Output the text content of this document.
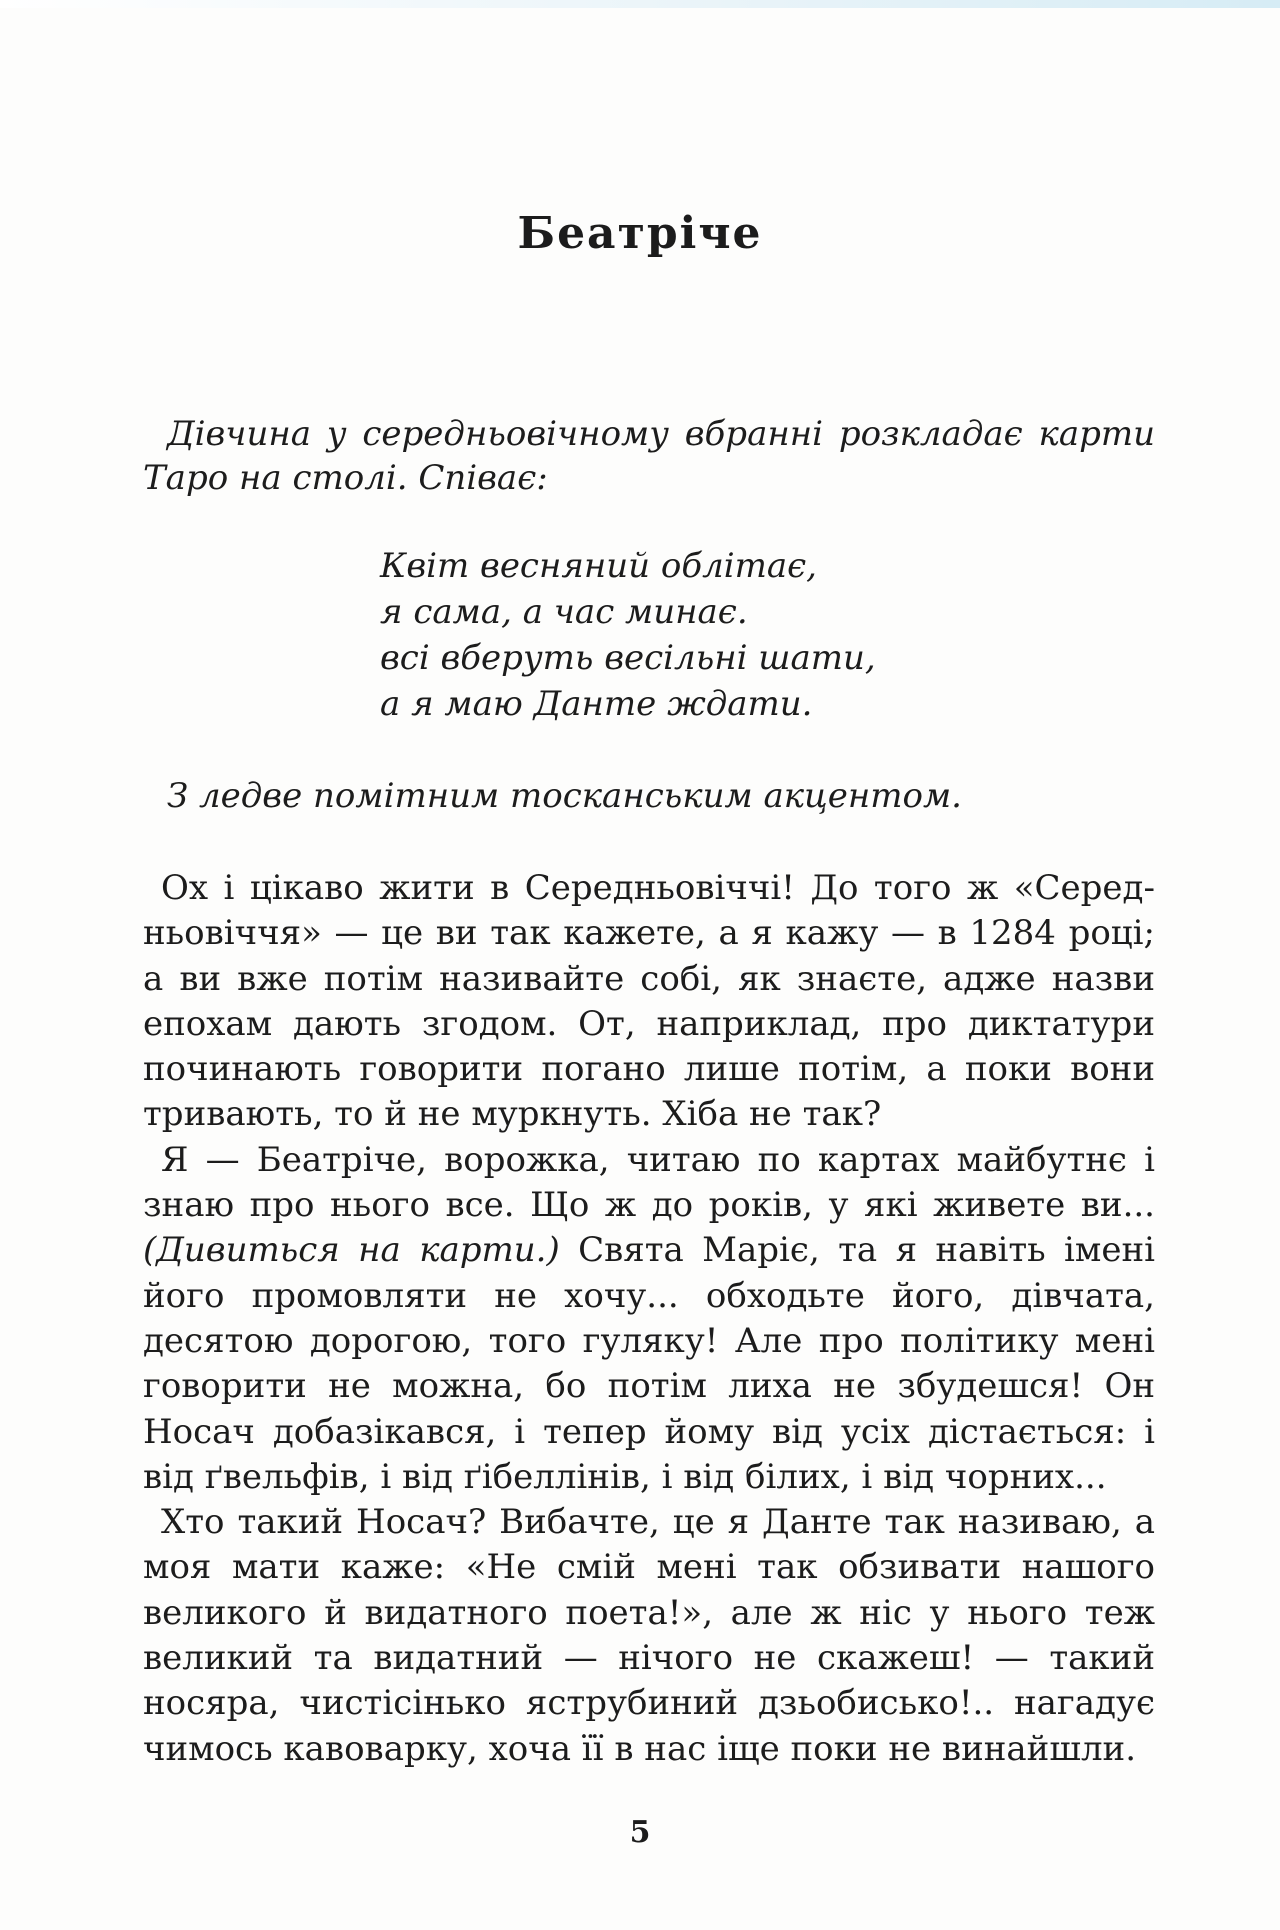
Беатріче
Дівчина у середньовічному вбранні розкладає карти Таро на столі. Співає:
Квіт весняний облітає,
я сама, а час минає.
всі вберуть весільні шати,
а я маю Данте ждати.
З ледве помітним тосканським акцентом.

Ох і цікаво жити в Середньовіччі! До того ж «Середньовіччя» — це ви так кажете, а я кажу — в 1284 році; а ви вже потім називайте собі, як знаєте, адже назви епохам дають згодом. От, наприклад, про диктатури починають говорити погано лише потім, а поки вони тривають, то й не муркнуть. Хіба не так?

Я — Беатріче, ворожка, читаю по картах майбутнє і знаю про нього все. Що ж до років, у які живете ви... (Дивиться на карти.) Свята Маріє, та я навіть імені його промовляти не хочу... обходьте його, дівчата, десятою дорогою, того гуляку! Але про політику мені говорити не можна, бо потім лиха не збудешся! Он Носач добазікався, і тепер йому від усіх дістається: і від ґвельфів, і від ґібеллінів, і від білих, і від чорних...

Хто такий Носач? Вибачте, це я Данте так називаю, а моя мати каже: «Не смій мені так обзивати нашого великого й видатного поета!», але ж ніс у нього теж великий та видатний — нічого не скажеш! — такий носяра, чистісінько яструбиний дзьобисько!.. нагадує чимось кавоварку, хоча її в нас іще поки не винайшли.

5
